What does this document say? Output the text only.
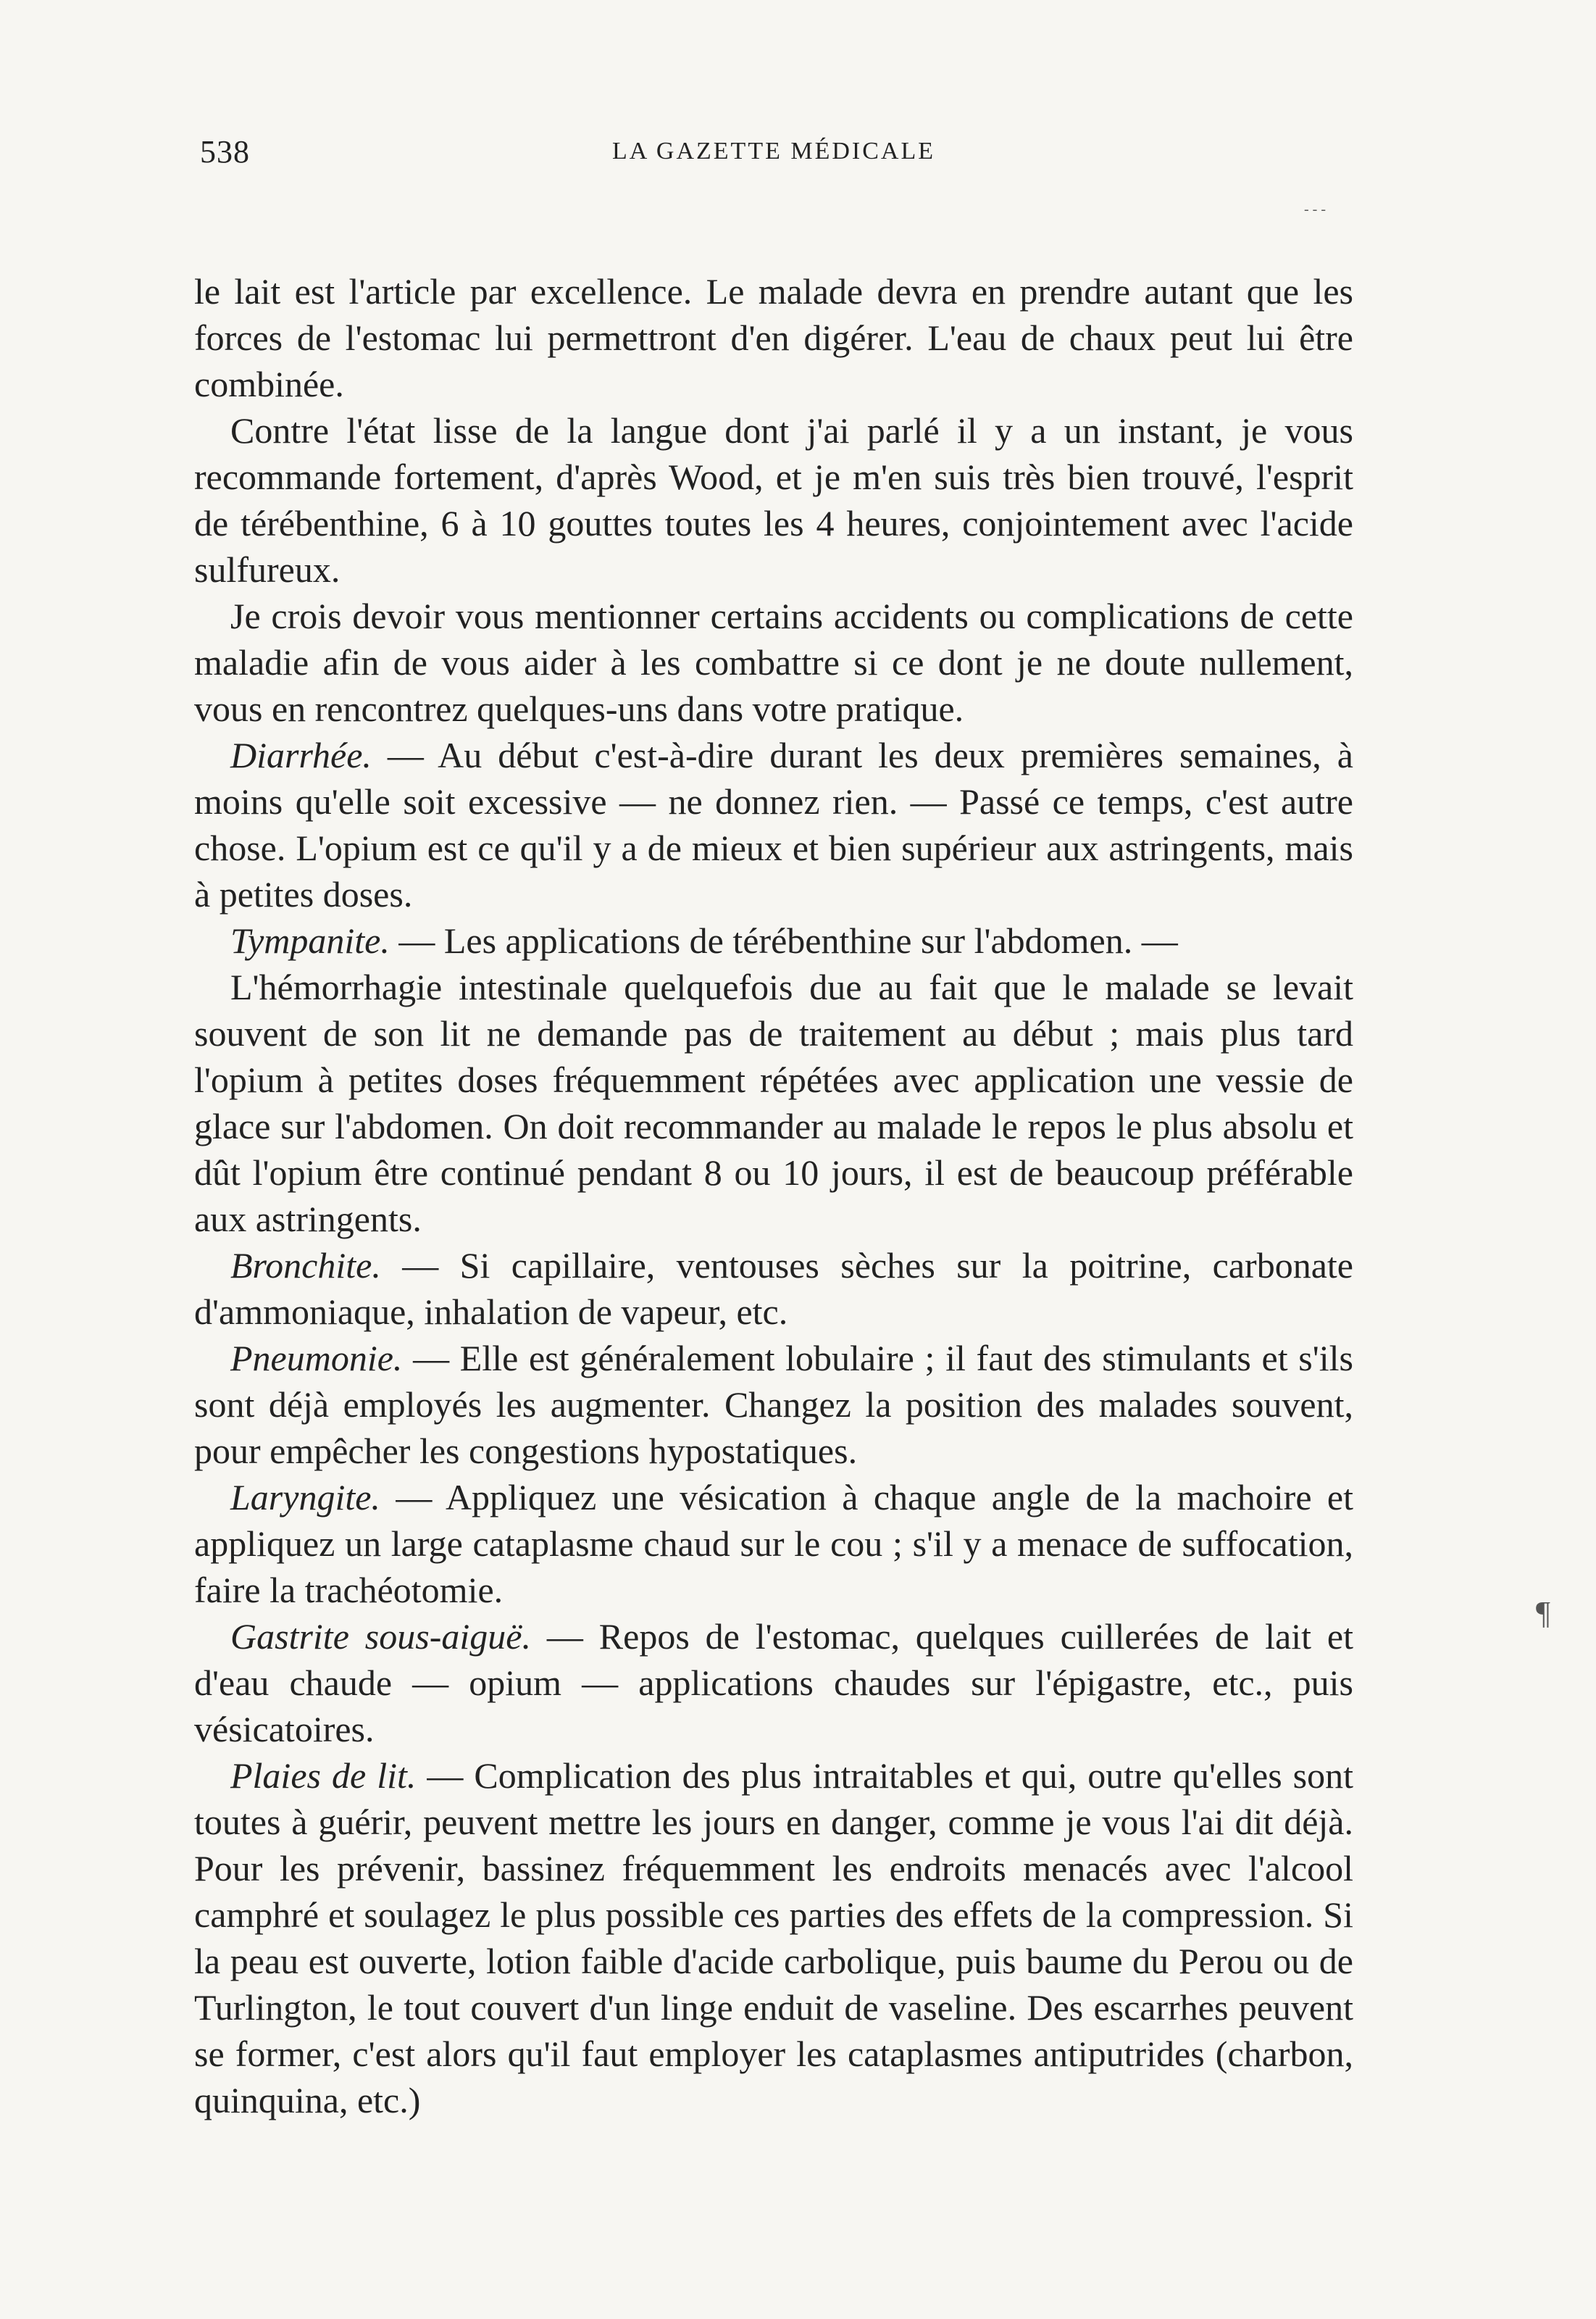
538	LA GAZETTE MÉDICALE

le lait est l'article par excellence. Le malade devra en prendre autant que les forces de l'estomac lui permettront d'en digérer. L'eau de chaux peut lui être combinée.

Contre l'état lisse de la langue dont j'ai parlé il y a un instant, je vous recommande fortement, d'après Wood, et je m'en suis très bien trouvé, l'esprit de térébenthine, 6 à 10 gouttes toutes les 4 heures, conjointement avec l'acide sulfureux.

Je crois devoir vous mentionner certains accidents ou complications de cette maladie afin de vous aider à les combattre si ce dont je ne doute nullement, vous en rencontrez quelques-uns dans votre pratique.

Diarrhée. — Au début c'est-à-dire durant les deux premières semaines, à moins qu'elle soit excessive — ne donnez rien. — Passé ce temps, c'est autre chose. L'opium est ce qu'il y a de mieux et bien supérieur aux astringents, mais à petites doses.

Tympanite. — Les applications de térébenthine sur l'abdomen. —

L'hémorrhagie intestinale quelquefois due au fait que le malade se levait souvent de son lit ne demande pas de traitement au début ; mais plus tard l'opium à petites doses fréquemment répétées avec application une vessie de glace sur l'abdomen. On doit recommander au malade le repos le plus absolu et dût l'opium être continué pendant 8 ou 10 jours, il est de beaucoup préférable aux astringents.

Bronchite. — Si capillaire, ventouses sèches sur la poitrine, carbonate d'ammoniaque, inhalation de vapeur, etc.

Pneumonie. — Elle est généralement lobulaire ; il faut des stimulants et s'ils sont déjà employés les augmenter. Changez la position des malades souvent, pour empêcher les congestions hypostatiques.

Laryngite. — Appliquez une vésication à chaque angle de la machoire et appliquez un large cataplasme chaud sur le cou ; s'il y a menace de suffocation, faire la trachéotomie.

Gastrite sous-aiguë. — Repos de l'estomac, quelques cuillerées de lait et d'eau chaude — opium — applications chaudes sur l'épigastre, etc., puis vésicatoires.

Plaies de lit. — Complication des plus intraitables et qui, outre qu'elles sont toutes à guérir, peuvent mettre les jours en danger, comme je vous l'ai dit déjà. Pour les prévenir, bassinez fréquemment les endroits menacés avec l'alcool camphré et soulagez le plus possible ces parties des effets de la compression. Si la peau est ouverte, lotion faible d'acide carbolique, puis baume du Perou ou de Turlington, le tout couvert d'un linge enduit de vaseline. Des escarrhes peuvent se former, c'est alors qu'il faut employer les cataplasmes antiputrides (charbon, quinquina, etc.)

- - -
¶
